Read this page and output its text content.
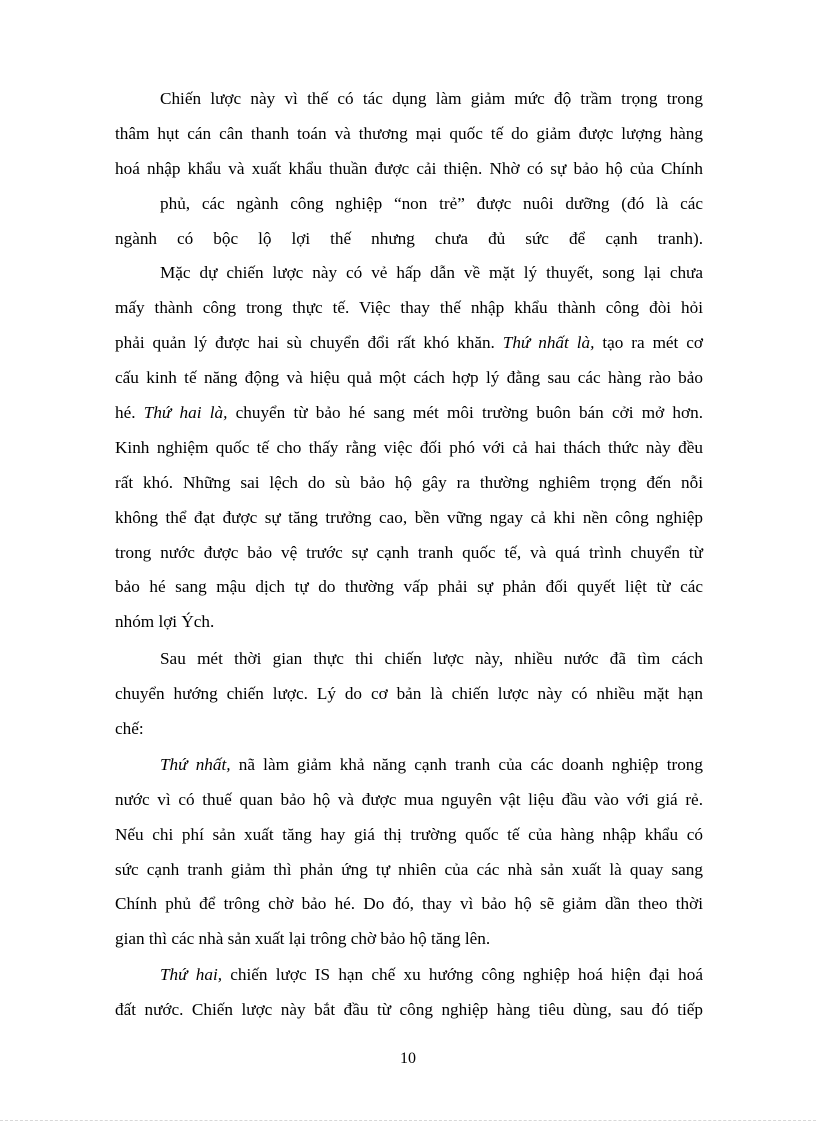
Chiến lược này vì thế có tác dụng làm giảm mức độ trầm trọng trong
thâm hụt cán cân thanh toán và thương mại quốc tế do giảm được lượng hàng
hoá nhập khẩu và xuất khẩu thuần được cải thiện. Nhờ có sự bảo hộ của Chính
phủ, các ngành công nghiệp “non trẻ” được nuôi dưỡng (đó là các
ngành có bộc lộ lợi thế nhưng chưa đủ sức để cạnh tranh).
Mặc dự chiến lược này có vẻ hấp dẫn về mặt lý thuyết, song lại chưa
mấy thành công trong thực tế. Việc thay thế nhập khẩu thành công đòi hỏi
phải quản lý được hai sù chuyển đổi rất khó khăn. Thứ nhất là, tạo ra mét cơ
cấu kinh tế năng động và hiệu quả một cách hợp lý đằng sau các hàng rào bảo
hé. Thứ hai là, chuyển từ bảo hé sang mét môi trường buôn bán cởi mở hơn.
Kinh nghiệm quốc tế cho thấy rằng việc đối phó với cả hai thách thức này đều
rất khó. Những sai lệch do sù bảo hộ gây ra thường nghiêm trọng đến nỗi
không thể đạt được sự tăng trưởng cao, bền vững ngay cả khi nền công nghiệp
trong nước được bảo vệ trước sự cạnh tranh quốc tế, và quá trình chuyển từ
bảo hé sang mậu dịch tự do thường vấp phải sự phản đối quyết liệt từ các
nhóm lợi Ých.
Sau mét thời gian thực thi chiến lược này, nhiều nước đã tìm cách
chuyển hướng chiến lược. Lý do cơ bản là chiến lược này có nhiều mặt hạn
chế:
Thứ nhất, nã làm giảm khả năng cạnh tranh của các doanh nghiệp trong
nước vì có thuế quan bảo hộ và được mua nguyên vật liệu đầu vào với giá rẻ.
Nếu chi phí sản xuất tăng hay giá thị trường quốc tế của hàng nhập khẩu có
sức cạnh tranh giảm thì phản ứng tự nhiên của các nhà sản xuất là quay sang
Chính phủ để trông chờ bảo hé. Do đó, thay vì bảo hộ sẽ giảm dần theo thời
gian thì các nhà sản xuất lại trông chờ bảo hộ tăng lên.
Thứ hai, chiến lược IS hạn chế xu hướng công nghiệp hoá hiện đại hoá
đất nước. Chiến lược này bắt đầu từ công nghiệp hàng tiêu dùng, sau đó tiếp
10
